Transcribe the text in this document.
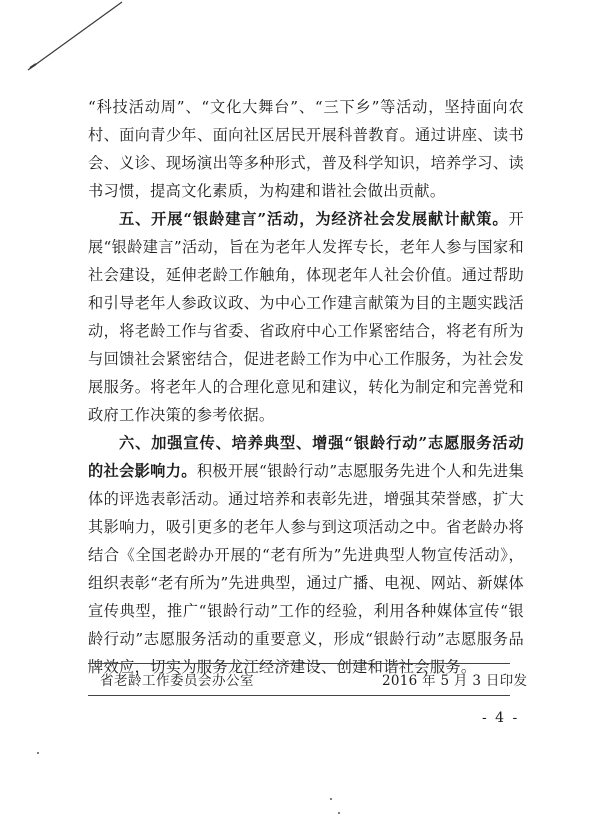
“科技活动周”、“文化大舞台”、“三下乡”等活动，坚持面向农村、面向青少年、面向社区居民开展科普教育。通过讲座、读书会、义诊、现场演出等多种形式，普及科学知识，培养学习、读书习惯，提高文化素质，为构建和谐社会做出贡献。

五、开展“银龄建言”活动，为经济社会发展献计献策。开展“银龄建言”活动，旨在为老年人发挥专长，老年人参与国家和社会建设，延伸老龄工作触角，体现老年人社会价值。通过帮助和引导老年人参政议政、为中心工作建言献策为目的主题实践活动，将老龄工作与省委、省政府中心工作紧密结合，将老有所为与回馈社会紧密结合，促进老龄工作为中心工作服务，为社会发展服务。将老年人的合理化意见和建议，转化为制定和完善党和政府工作决策的参考依据。

六、加强宣传、培养典型、增强“银龄行动”志愿服务活动的社会影响力。积极开展“银龄行动”志愿服务先进个人和先进集体的评选表彰活动。通过培养和表彰先进，增强其荣誉感，扩大其影响力，吸引更多的老年人参与到这项活动之中。省老龄办将结合《全国老龄办开展的“老有所为”先进典型人物宣传活动》，组织表彰“老有所为”先进典型，通过广播、电视、网站、新媒体宣传典型，推广“银龄行动”工作的经验，利用各种媒体宣传“银龄行动”志愿服务活动的重要意义，形成“银龄行动”志愿服务品牌效应，切实为服务龙江经济建设、创建和谐社会服务。

省老龄工作委员会办公室	2016 年 5 月 3 日印发
- 4 -
